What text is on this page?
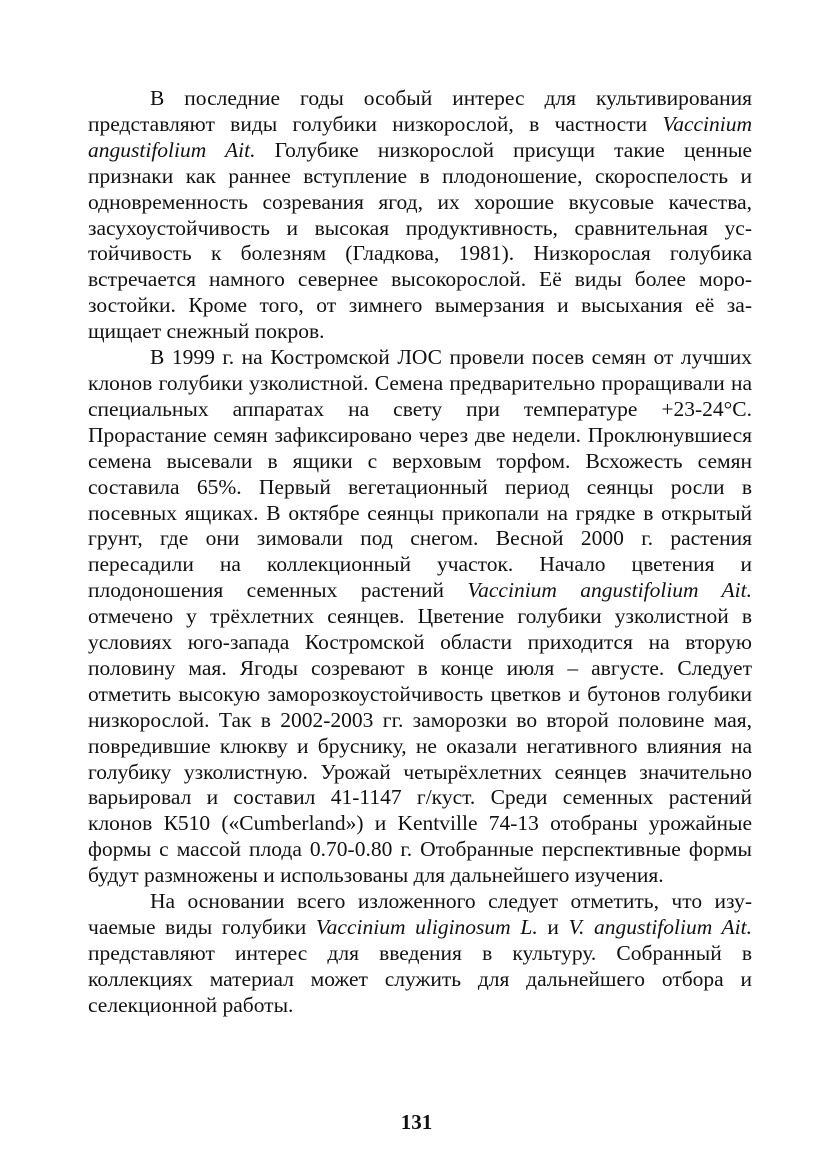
В последние годы особый интерес для культивирования представляют виды голубики низкорослой, в частности Vaccinium angustifolium Ait. Голубике низкорослой присущи такие ценные признаки как раннее вступление в плодоношение, скороспелость и одновременность созревания ягод, их хорошие вкусовые качества, засухоустойчивость и высокая продуктивность, сравнительная устойчивость к болезням (Гладкова, 1981). Низкорослая голубика встречается намного севернее высокорослой. Её виды более морозостойки. Кроме того, от зимнего вымерзания и высыхания её защищает снежный покров.

В 1999 г. на Костромской ЛОС провели посев семян от лучших клонов голубики узколистной. Семена предварительно проращивали на специальных аппаратах на свету при температуре +23-24°С. Прорастание семян зафиксировано через две недели. Проклюнувшиеся семена высевали в ящики с верховым торфом. Всхожесть семян составила 65%. Первый вегетационный период сеянцы росли в посевных ящиках. В октябре сеянцы прикопали на грядке в открытый грунт, где они зимовали под снегом. Весной 2000 г. растения пересадили на коллекционный участок. Начало цветения и плодоношения семенных растений Vaccinium angustifolium Ait. отмечено у трёхлетних сеянцев. Цветение голубики узколистной в условиях юго-запада Костромской области приходится на вторую половину мая. Ягоды созревают в конце июля – августе. Следует отметить высокую заморозкоустойчивость цветков и бутонов голубики низкорослой. Так в 2002-2003 гг. заморозки во второй половине мая, повредившие клюкву и бруснику, не оказали негативного влияния на голубику узколистную. Урожай четырёхлетних сеянцев значительно варьировал и составил 41-1147 г/куст. Среди семенных растений клонов К510 («Cumberland») и Kentville 74-13 отобраны урожайные формы с массой плода 0.70-0.80 г. Отобранные перспективные формы будут размножены и использованы для дальнейшего изучения.

На основании всего изложенного следует отметить, что изучаемые виды голубики Vaccinium uliginosum L. и V. angustifolium Ait. представляют интерес для введения в культуру. Собранный в коллекциях материал может служить для дальнейшего отбора и селекционной работы.

131
